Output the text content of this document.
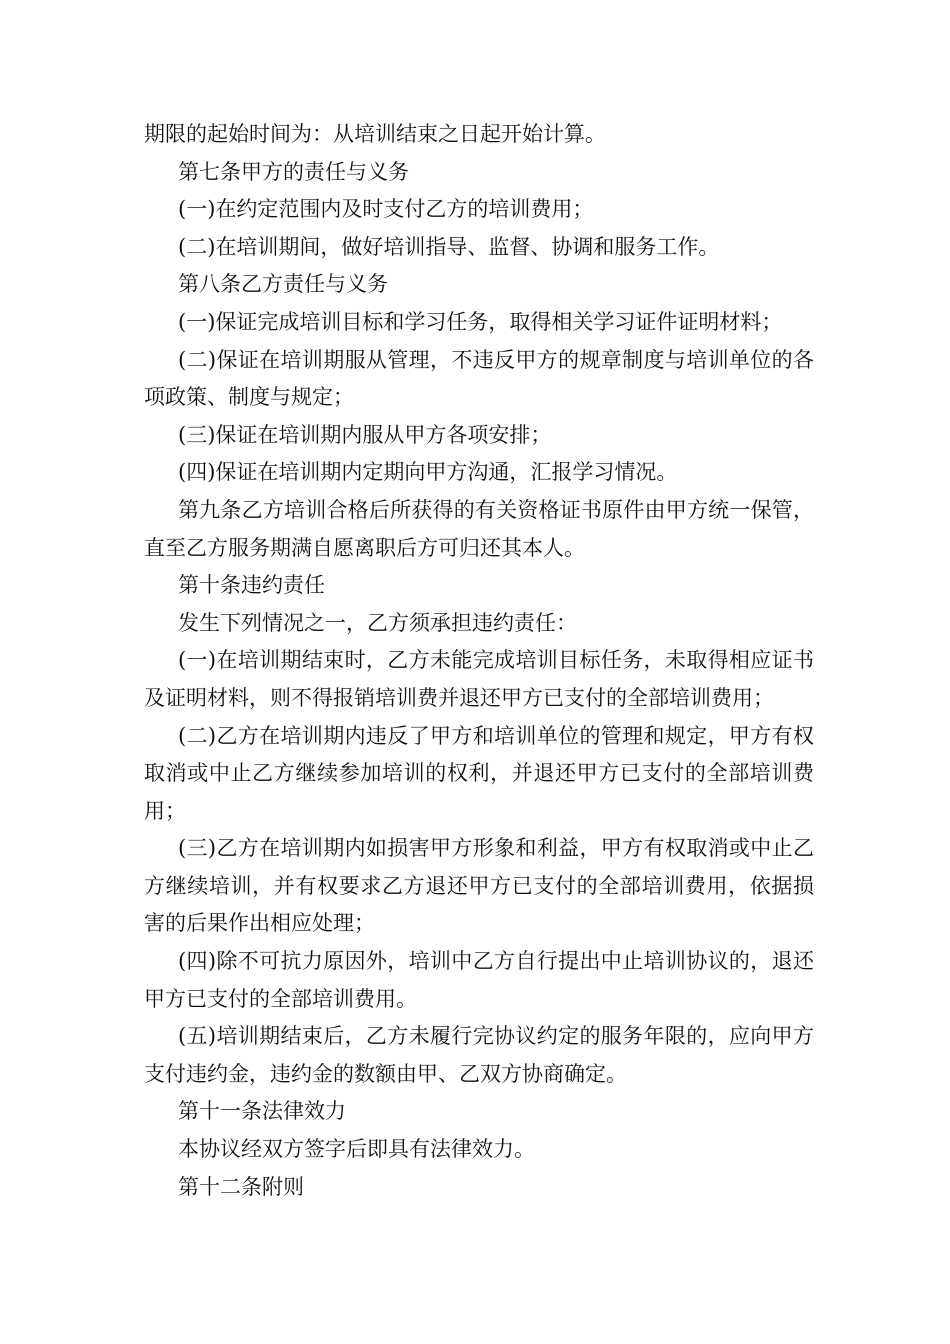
期限的起始时间为：从培训结束之日起开始计算。

第七条甲方的责任与义务

(一)在约定范围内及时支付乙方的培训费用；

(二)在培训期间，做好培训指导、监督、协调和服务工作。

第八条乙方责任与义务

(一)保证完成培训目标和学习任务，取得相关学习证件证明材料；

(二)保证在培训期服从管理，不违反甲方的规章制度与培训单位的各项政策、制度与规定；

(三)保证在培训期内服从甲方各项安排；

(四)保证在培训期内定期向甲方沟通，汇报学习情况。

第九条乙方培训合格后所获得的有关资格证书原件由甲方统一保管，直至乙方服务期满自愿离职后方可归还其本人。

第十条违约责任

发生下列情况之一，乙方须承担违约责任：

(一)在培训期结束时，乙方未能完成培训目标任务，未取得相应证书及证明材料，则不得报销培训费并退还甲方已支付的全部培训费用；

(二)乙方在培训期内违反了甲方和培训单位的管理和规定，甲方有权取消或中止乙方继续参加培训的权利，并退还甲方已支付的全部培训费用；

(三)乙方在培训期内如损害甲方形象和利益，甲方有权取消或中止乙方继续培训，并有权要求乙方退还甲方已支付的全部培训费用，依据损害的后果作出相应处理；

(四)除不可抗力原因外，培训中乙方自行提出中止培训协议的，退还甲方已支付的全部培训费用。

(五)培训期结束后，乙方未履行完协议约定的服务年限的，应向甲方支付违约金，违约金的数额由甲、乙双方协商确定。

第十一条法律效力

本协议经双方签字后即具有法律效力。

第十二条附则
